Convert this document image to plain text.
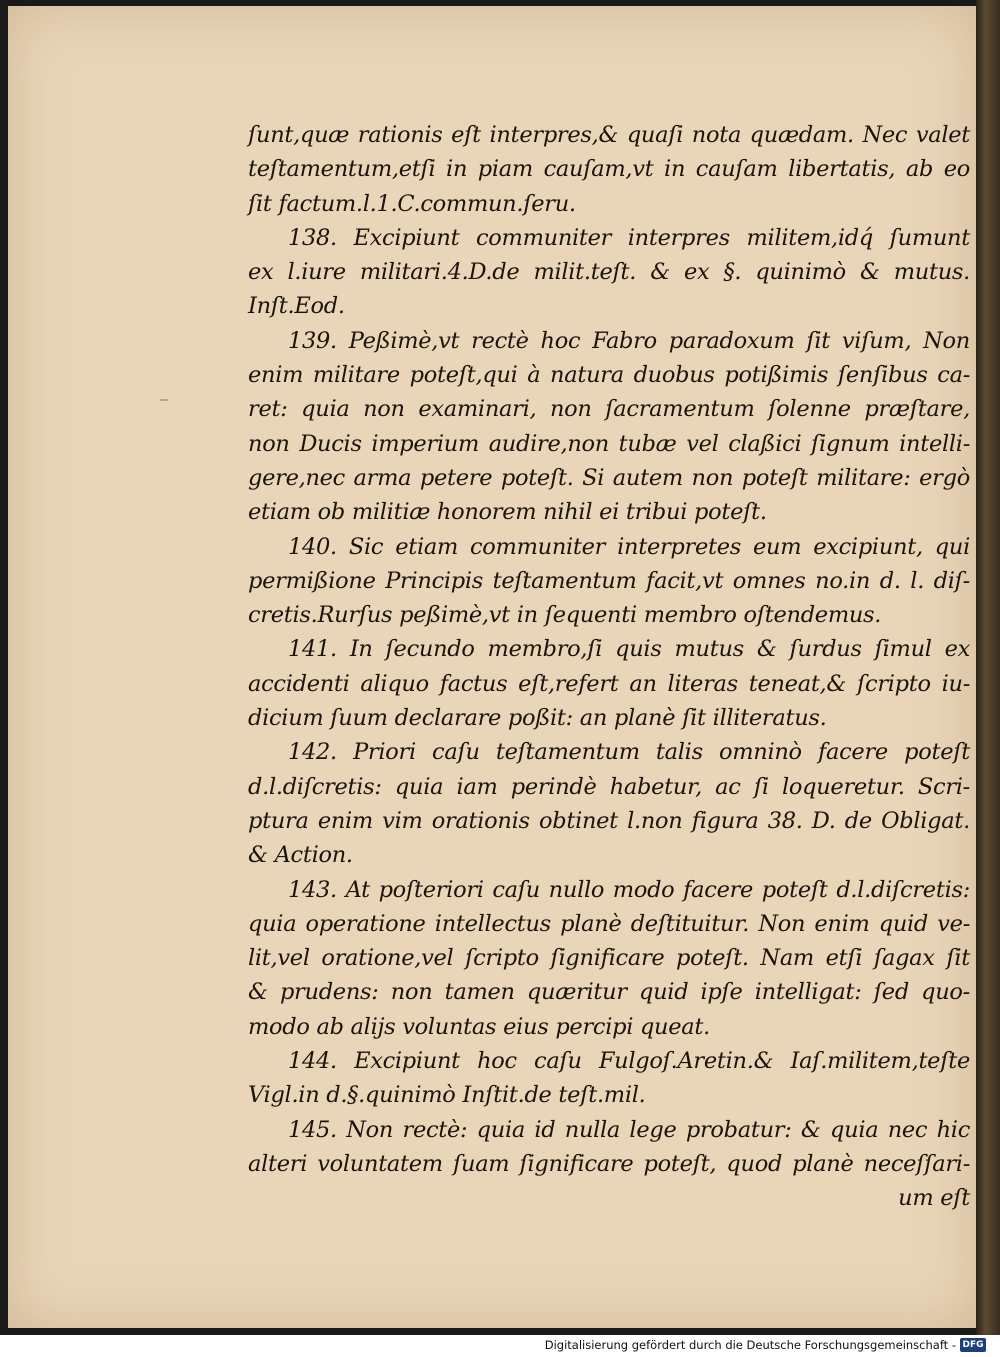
ſunt,quæ rationis eſt interpres,& quaſi nota quædam. Nec valet
teſtamentum,etſi in piam cauſam,vt in cauſam libertatis, ab eo
ſit factum.l.1.C.commun.ſeru.
138. Excipiunt communiter interpres militem,idq́ ſumunt
ex l.iure militari.4.D.de milit.teſt. & ex §. quinimò & mutus.
Inſt.Eod.
139. Peßimè,vt rectè hoc Fabro paradoxum ſit viſum, Non
enim militare poteſt,qui à natura duobus potißimis ſenſibus ca-
ret: quia non examinari, non ſacramentum ſolenne præſtare,
non Ducis imperium audire,non tubæ vel claßici ſignum intelli-
gere,nec arma petere poteſt. Si autem non poteſt militare: ergò
etiam ob militiæ honorem nihil ei tribui poteſt.
140. Sic etiam communiter interpretes eum excipiunt, qui
permißione Principis teſtamentum facit,vt omnes no.in d. l. diſ-
cretis.Rurſus peßimè,vt in ſequenti membro oſtendemus.
141. In ſecundo membro,ſi quis mutus & ſurdus ſimul ex
accidenti aliquo factus eſt,refert an literas teneat,& ſcripto iu-
dicium ſuum declarare poßit: an planè ſit illiteratus.
142. Priori caſu teſtamentum talis omninò facere poteſt
d.l.diſcretis: quia iam perindè habetur, ac ſi loqueretur. Scri-
ptura enim vim orationis obtinet l.non figura 38. D. de Obligat.
& Action.
143. At poſteriori caſu nullo modo facere poteſt d.l.diſcretis:
quia operatione intellectus planè deſtituitur. Non enim quid ve-
lit,vel oratione,vel ſcripto ſignificare poteſt. Nam etſi ſagax ſit
& prudens: non tamen quæritur quid ipſe intelligat: ſed quo-
modo ab alijs voluntas eius percipi queat.
144. Excipiunt hoc caſu Fulgoſ.Aretin.& Iaſ.militem,teſte
Vigl.in d.§.quinimò Inſtit.de teſt.mil.
145. Non rectè: quia id nulla lege probatur: & quia nec hic
alteri voluntatem ſuam ſignificare poteſt, quod planè neceſſari-
um eſt
Digitalisierung gefördert durch die Deutsche Forschungsgemeinschaft - DFG
